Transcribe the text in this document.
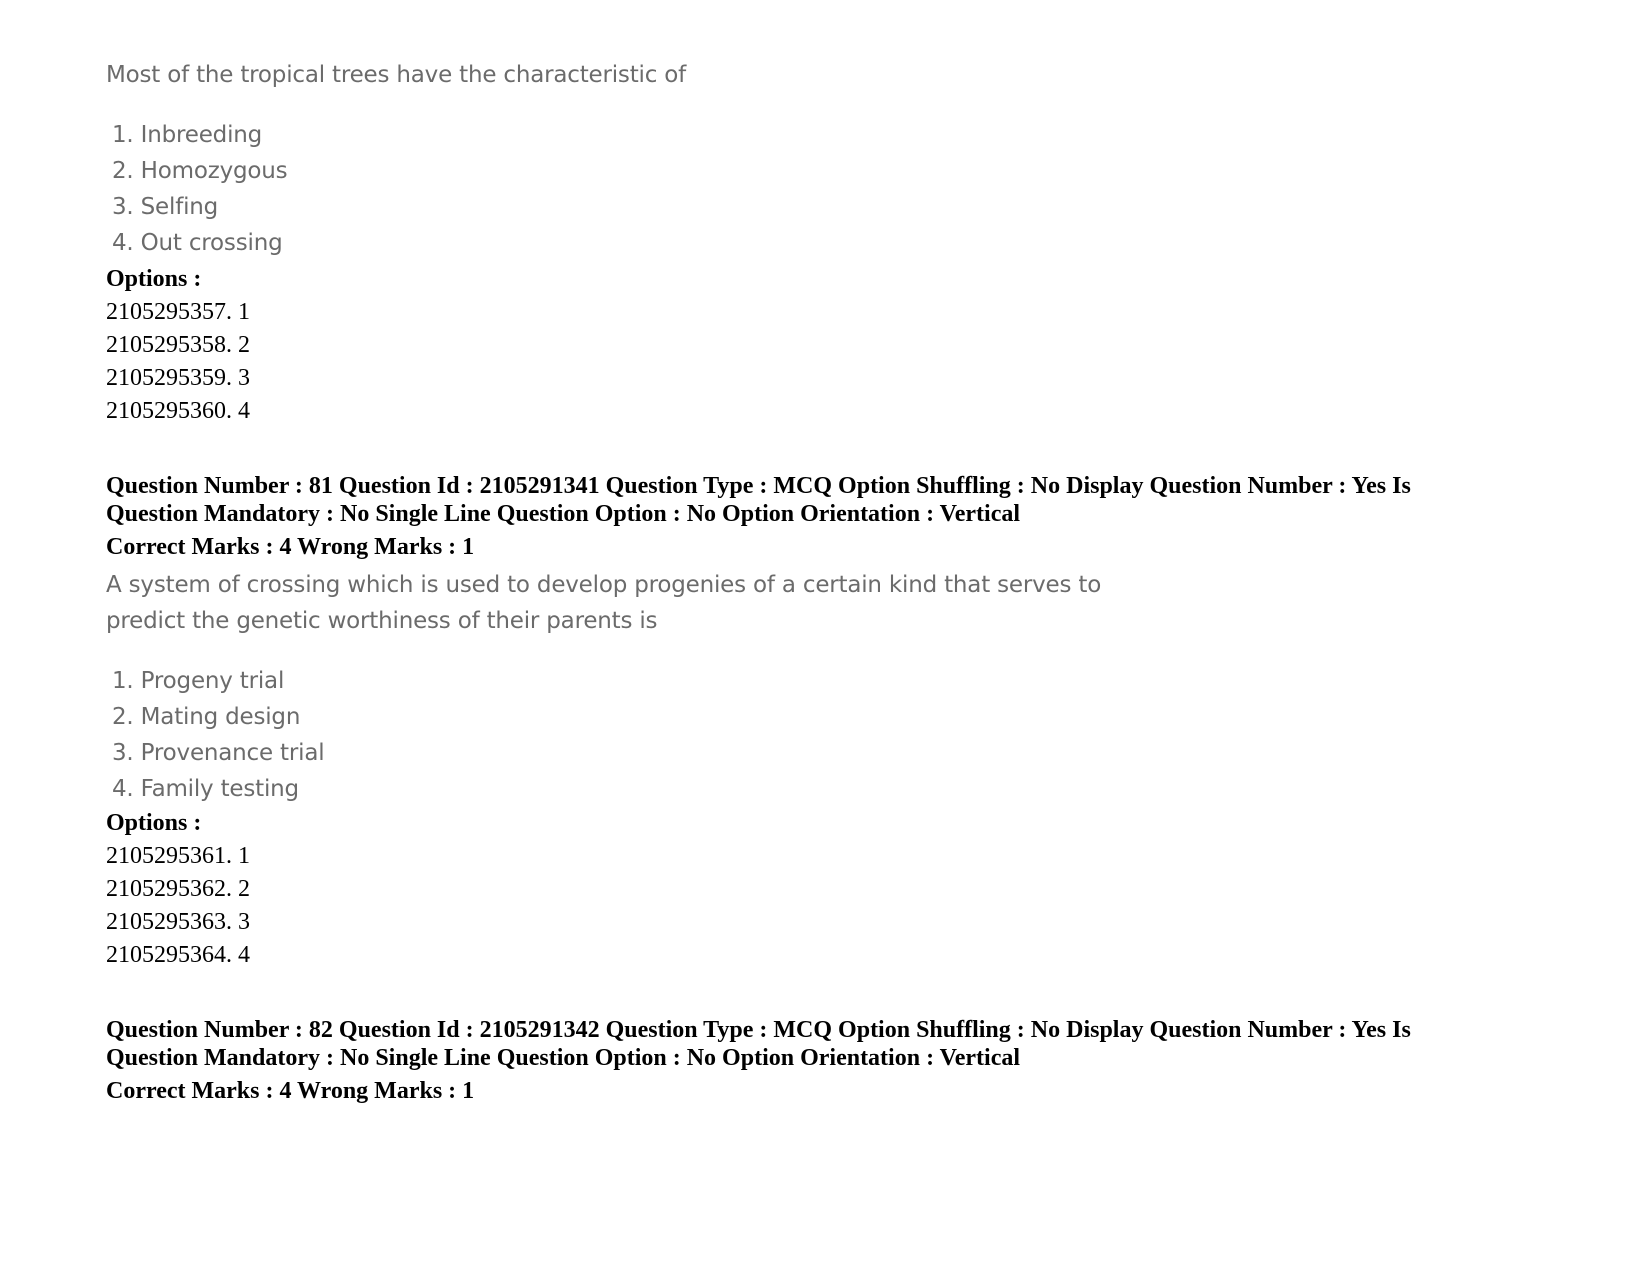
Most of the tropical trees have the characteristic of
1. Inbreeding
2. Homozygous
3. Selfing
4. Out crossing
Options :
2105295357. 1
2105295358. 2
2105295359. 3
2105295360. 4
Question Number : 81 Question Id : 2105291341 Question Type : MCQ Option Shuffling : No Display Question Number : Yes Is
Question Mandatory : No Single Line Question Option : No Option Orientation : Vertical
Correct Marks : 4 Wrong Marks : 1
A system of crossing which is used to develop progenies of a certain kind that serves to
predict the genetic worthiness of their parents is
1. Progeny trial
2. Mating design
3. Provenance trial
4. Family testing
Options :
2105295361. 1
2105295362. 2
2105295363. 3
2105295364. 4
Question Number : 82 Question Id : 2105291342 Question Type : MCQ Option Shuffling : No Display Question Number : Yes Is
Question Mandatory : No Single Line Question Option : No Option Orientation : Vertical
Correct Marks : 4 Wrong Marks : 1
